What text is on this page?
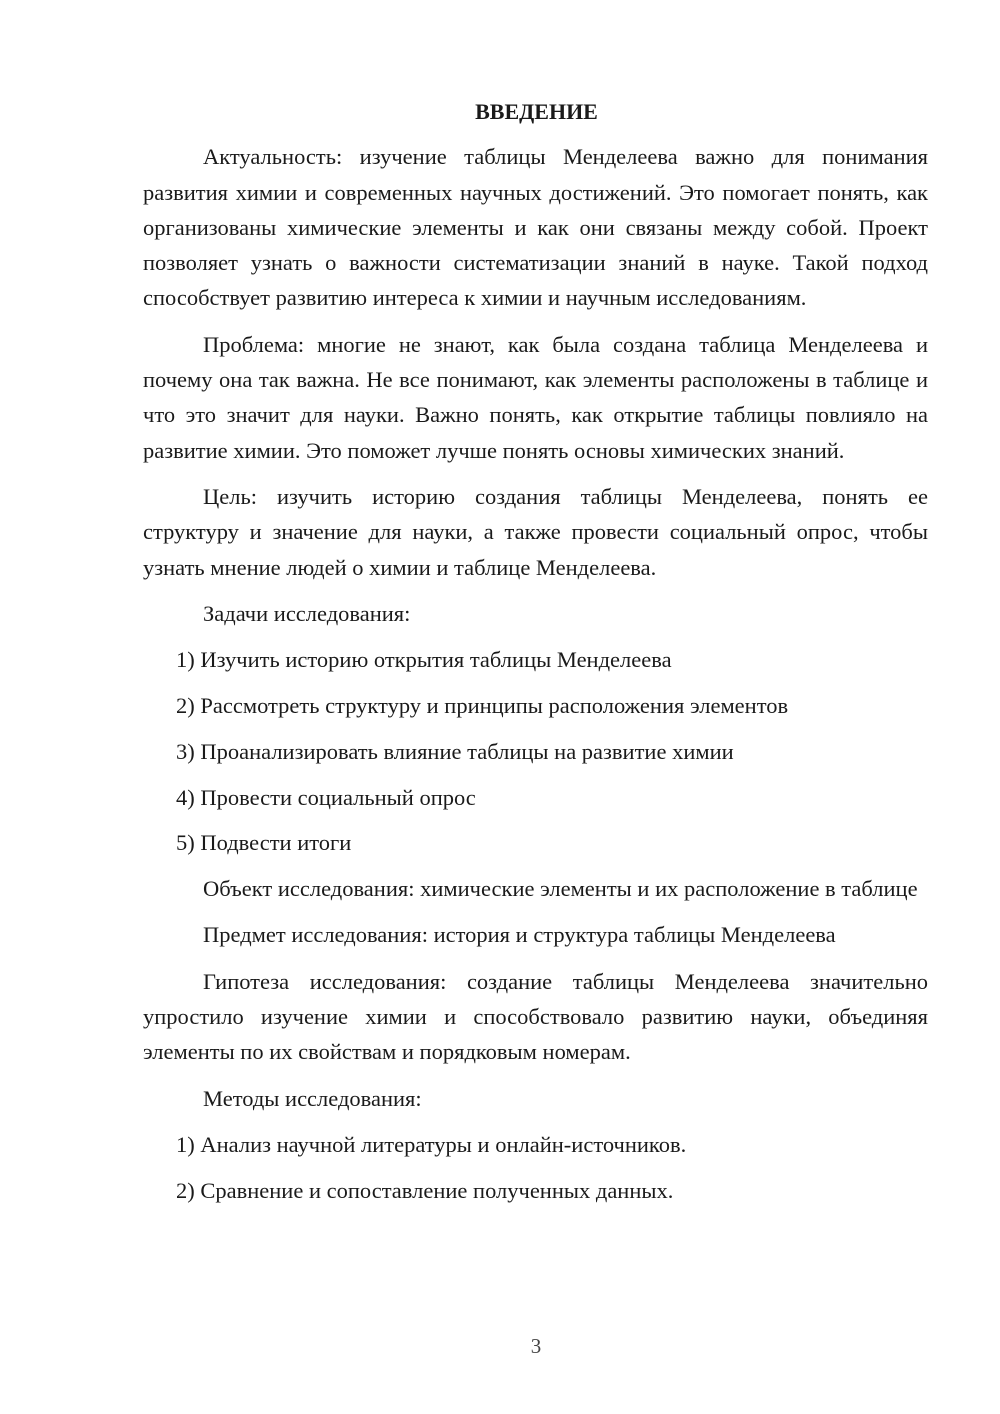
ВВЕДЕНИЕ

Актуальность: изучение таблицы Менделеева важно для понимания развития химии и современных научных достижений. Это помогает понять, как организованы химические элементы и как они связаны между собой. Проект позволяет узнать о важности систематизации знаний в науке. Такой подход способствует развитию интереса к химии и научным исследованиям.

Проблема: многие не знают, как была создана таблица Менделеева и почему она так важна. Не все понимают, как элементы расположены в таблице и что это значит для науки. Важно понять, как открытие таблицы повлияло на развитие химии. Это поможет лучше понять основы химических знаний.

Цель: изучить историю создания таблицы Менделеева, понять ее структуру и значение для науки, а также провести социальный опрос, чтобы узнать мнение людей о химии и таблице Менделеева.

Задачи исследования:
1) Изучить историю открытия таблицы Менделеева
2) Рассмотреть структуру и принципы расположения элементов
3) Проанализировать влияние таблицы на развитие химии
4) Провести социальный опрос
5) Подвести итоги

Объект исследования: химические элементы и их расположение в таблице

Предмет исследования: история и структура таблицы Менделеева

Гипотеза исследования: создание таблицы Менделеева значительно упростило изучение химии и способствовало развитию науки, объединяя элементы по их свойствам и порядковым номерам.

Методы исследования:
1) Анализ научной литературы и онлайн-источников.
2) Сравнение и сопоставление полученных данных.
3
